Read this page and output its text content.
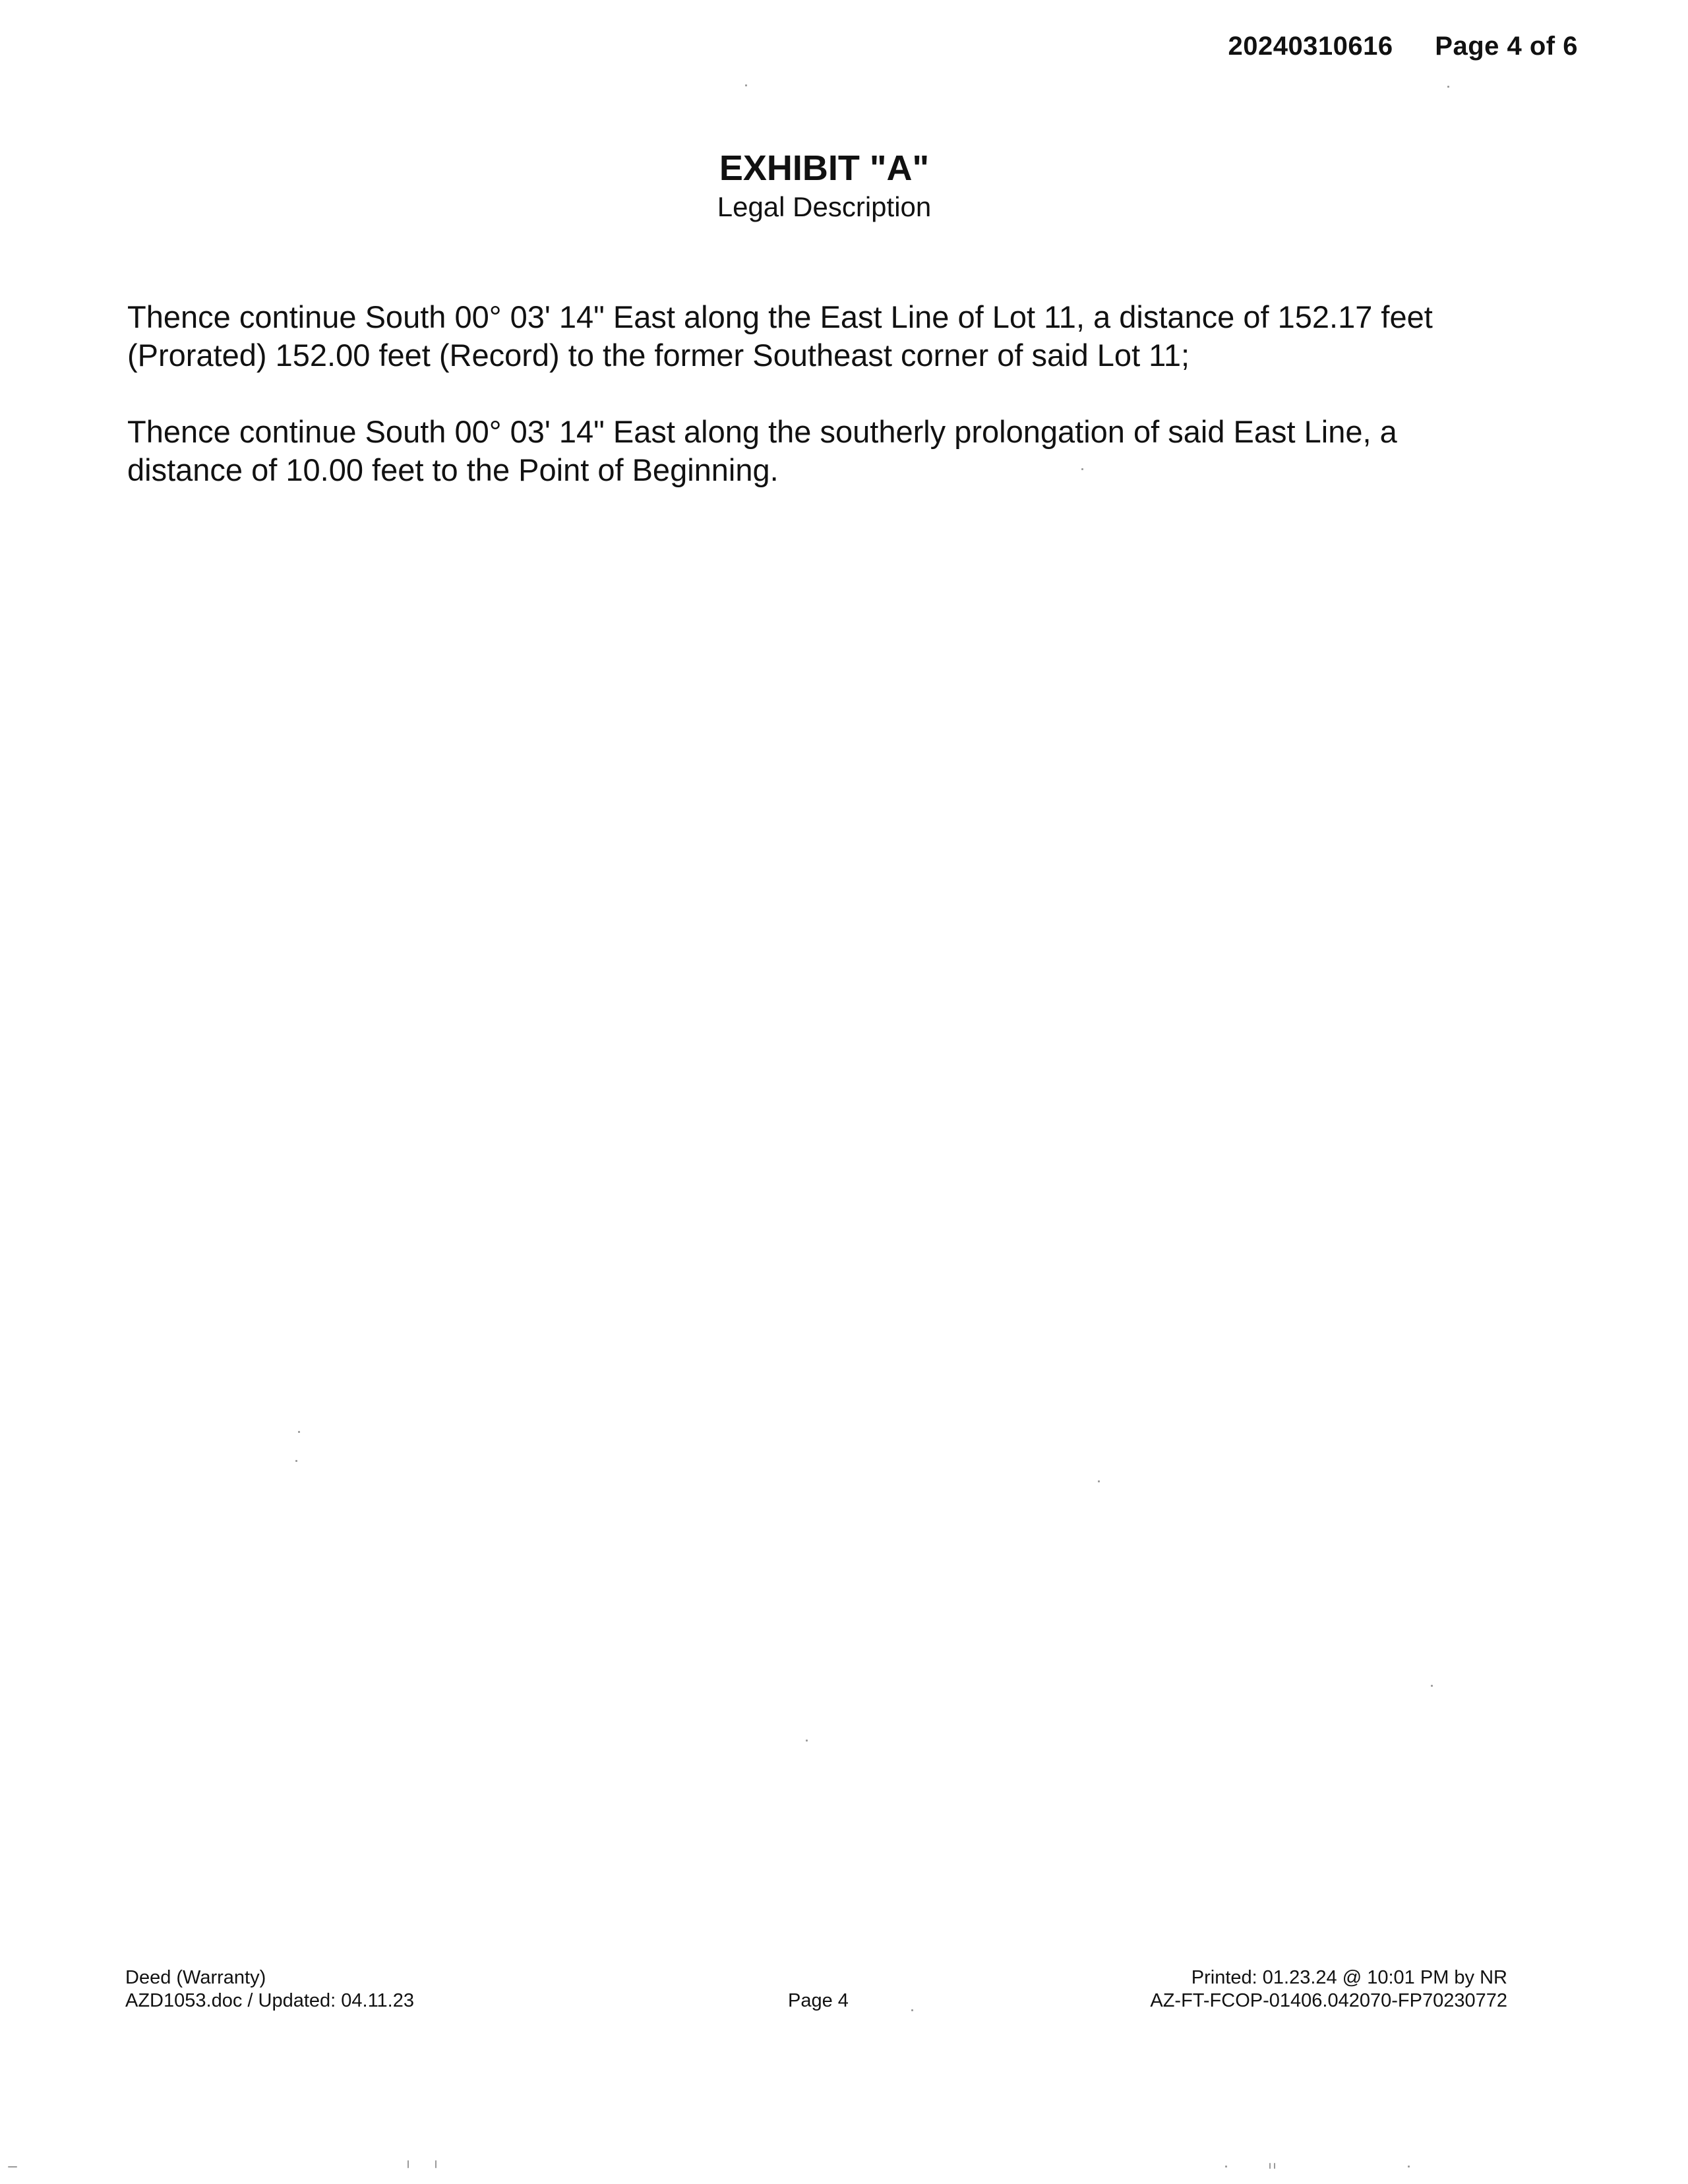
20240310616 Page 4 of 6
EXHIBIT "A"
Legal Description

Thence continue South 00° 03' 14" East along the East Line of Lot 11, a distance of 152.17 feet (Prorated) 152.00 feet (Record) to the former Southeast corner of said Lot 11;

Thence continue South 00° 03' 14" East along the southerly prolongation of said East Line, a distance of 10.00 feet to the Point of Beginning.

Deed (Warranty)
AZD1053.doc / Updated: 04.11.23	Page 4
Printed: 01.23.24 @ 10:01 PM by NR
AZ-FT-FCOP-01406.042070-FP70230772
